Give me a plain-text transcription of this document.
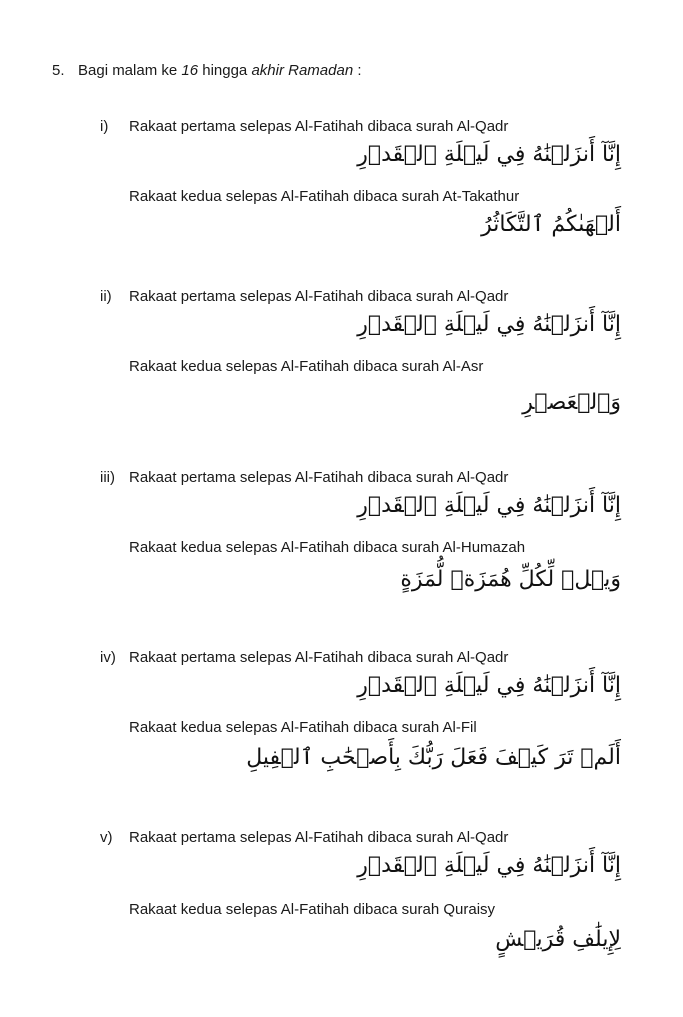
5. Bagi malam ke 16 hingga akhir Ramadan :
i) Rakaat pertama selepas Al-Fatihah dibaca surah Al-Qadr
إِنَّآ أَنزَلۡنَٰهُ فِي لَيۡلَةِ ٱلۡقَدۡرِ
Rakaat kedua selepas Al-Fatihah dibaca surah At-Takathur
أَلۡهَىٰكُمُ ٱلتَّكَاثُرُ
ii) Rakaat pertama selepas Al-Fatihah dibaca surah Al-Qadr
إِنَّآ أَنزَلۡنَٰهُ فِي لَيۡلَةِ ٱلۡقَدۡرِ
Rakaat kedua selepas Al-Fatihah dibaca surah Al-Asr
وَٱلۡعَصۡرِ
iii) Rakaat pertama selepas Al-Fatihah dibaca surah Al-Qadr
إِنَّآ أَنزَلۡنَٰهُ فِي لَيۡلَةِ ٱلۡقَدۡرِ
Rakaat kedua selepas Al-Fatihah dibaca surah Al-Humazah
وَيۡلٞ لِّكُلِّ هُمَزَةٖ لُّمَزَةٍ
iv) Rakaat pertama selepas Al-Fatihah dibaca surah Al-Qadr
إِنَّآ أَنزَلۡنَٰهُ فِي لَيۡلَةِ ٱلۡقَدۡرِ
Rakaat kedua selepas Al-Fatihah dibaca surah Al-Fil
أَلَمۡ تَرَ كَيۡفَ فَعَلَ رَبُّكَ بِأَصۡحَٰبِ ٱلۡفِيلِ
v) Rakaat pertama selepas Al-Fatihah dibaca surah Al-Qadr
إِنَّآ أَنزَلۡنَٰهُ فِي لَيۡلَةِ ٱلۡقَدۡرِ
Rakaat kedua selepas Al-Fatihah dibaca surah Quraisy
لِإِيلَٰفِ قُرَيۡشٍ
